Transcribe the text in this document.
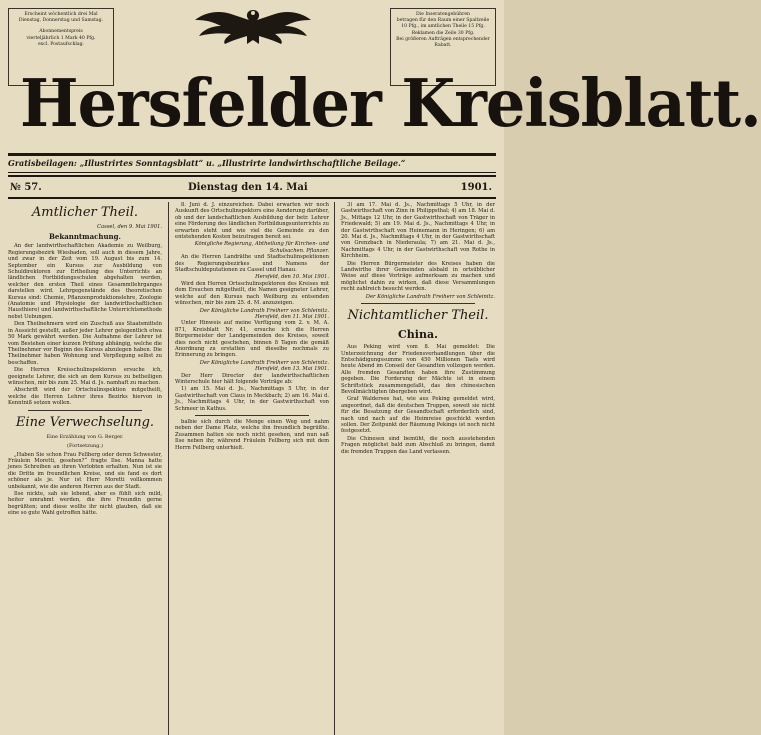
Erscheint wöchentlich drei Mal
Dienstag, Donnerstag und Samstag.
Abonnementspreis
vierteljährlich 1 Mark 40 Pfg.
excl. Postaufschlag.
Die Inseratengebühren
betragen für den Raum einer Spaltzeile
10 Pfg., im amtlichen Theile 15 Pfg.
Reklamen die Zeile 30 Pfg.
Bei größeren Aufträgen entsprechender
Rabatt.
Hersfelder Kreisblatt.
Gratisbeilagen: „Illustrirtes Sonntagsblatt“ u. „Illustrirte landwirthschaftliche Beilage.“
№ 57.	Dienstag den 14. Mai	1901.
Amtlicher Theil.
Cassel, den 9. Mai 1901.
Bekanntmachung.

An der landwirthschaftlichen Akademie zu Weilburg, Regierungsbezirk Wiesbaden, soll auch in diesem Jahre, und zwar in der Zeit vom 19. August bis zum 14. September ein Kursus zur Ausbildung von Schuldirektoren zur Ertheilung des Unterrichts an ländlichen Fortbildungsschulen abgehalten werden, welcher den ersten Theil eines Gesammtlehrganges darstellen wird. Lehrgegenstände des theoretischen Kursus sind: Chemie, Pflanzenproduktionslehre, Zoologie (Anatomie und Physiologie der landwirthschaftlichen Hausthiere) und landwirthschaftliche Unterrichtsmethode nebst Uebungen.

Den Theilnehmern wird ein Zuschuß aus Staatsmitteln in Aussicht gestellt, außer jeder Lehrer gelegentlich etwa 50 Mark gewährt werden. Die Aufnahme der Lehrer ist vom Bestehen einer kurzen Prüfung abhängig, welche die Theilnehmer vor Beginn des Kursus abzulegen haben. Die Theilnehmer haben Wohnung und Verpflegung selbst zu beschaffen.

Die Herren Kreisschulinspektoren ersuche ich, geeignete Lehrer, die sich an dem Kursus zu betheiligen wünschen, mir bis zum 25. Mai d. Js. namhaft zu machen.

Abschrift wird der Ortschulinspektion mitgetheilt, welche die Herren Lehrer ihres Bezirks hiervon in Kenntniß setzen wollen.

Eine Verwechselung.
Eine Erzählung von G. Berger.
(Fortsetzung.)

„Haben Sie schon Frau Fellberg oder deren Schwester, Fräulein Moretti, gesehen?“ fragte Ilse. Manna hatte jenes Schreiben an ihren Verlobten erhalten. Nun ist sie die Dritte im freundlichen Kreise, und sie fand es dort schöner als je. Nur ist Herr Moretti vollkommen unbekannt, wie die anderen Herren aus der Stadt.

Ilse nickte, sah sie lebend, aber es fühlt sich mild, heiter umrahmt werden, die ihre Freundin gerne begrüßten; und diese wollte ihr nicht glauben, daß sie eine so gute Wahl getroffen hätte.

8. Juni d. J. einzureichen. Dabei erwarten wir noch Auskunft des Ortschulinspektors eine Aenderung darüber, ob und der landschaftlichen Ausbildung der betr. Lehrer eine Förderung des ländlichen Fortbildungsunterrichts zu erwarten steht und wie viel die Gemeinde zu den entstehenden Kosten beizutragen bereit sei.

Königliche Regierung, Abtheilung für Kirchen- und Schulsachen. Pflanzer.

An die Herren Landräthe und Stadtschulinspektionen des Regierungsbezirkes und Namens der Stadtschuldeputationen zu Cassel und Hanau.

Hersfeld, den 10. Mai 1901.

Wird den Herren Ortsschulinspektoren des Kreises mit dem Ersuchen mitgetheilt, die Namen geeigneter Lehrer, welche auf den Kursus nach Weilburg zu entsenden wünschen, mir bis zum 25. d. M. anzuzeigen.

Der Königliche Landrath Freiherr von Schleinitz.
Hersfeld, den 11. Mai 1901.

Unter Hinweis auf meine Verfügung vom 2. v. M. A. 871, Kreisblatt Nr. 41, ersuche ich die Herren Bürgermeister der Landgemeinden des Kreises, soweit dies noch nicht geschehen, binnen 8 Tagen die gemäß Anordnung zu erstatten und dieselbe nochmals zu Erinnerung zu bringen.

Der Königliche Landrath Freiherr von Schleinitz.
Hersfeld, den 13. Mai 1901.

Der Herr Director der landwirthschaftlichen Winterschule hier hält folgende Vorträge ab:

1) am 15. Mai d. Js., Nachmittags 5 Uhr, in der Gastwirthschaft von Claus in Meckbach; 2) am 16. Mai d. Js., Nachmittags 4 Uhr, in der Gastwirthschaft von Schmeer in Kathus.

balbie sich durch die Menge einen Weg und nahm neben der Dame Platz, welche ihn freundlich begrüßte. Zusammen hatten sie noch nicht gesehen, und nun saß Ilse neben ihr, während Fräulein Fellberg sich mit dem Herrn Fellberg unterhielt.

3) am 17. Mai d. Js., Nachmittags 5 Uhr, in der Gastwirthschaft von Zinn in Philippsthal; 4) am 18. Mai d. Js., Mittags 12 Uhr, in der Gastwirthschaft von Träger in Friedewald; 5) am 19. Mai d. Js., Nachmittags 4 Uhr, in der Gastwirthschaft von Heinemann in Heringen; 6) am 20. Mai d. Js., Nachmittags 4 Uhr, in der Gastwirthschaft von Grenzbach in Niederaula; 7) am 21. Mai d. Js., Nachmittags 4 Uhr, in der Gastwirthschaft von Rothe in Kirchheim.

Die Herren Bürgermeister des Kreises haben die Landwirthe ihrer Gemeinden alsbald in ortsüblicher Weise auf diese Vorträge aufmerksam zu machen und möglichst dahin zu wirken, daß diese Versammlungen recht zahlreich besucht werden.

Der Königliche Landrath Freiherr von Schleinitz.
Nichtamtlicher Theil.
China.

Aus Peking wird vom 8. Mai gemeldet: Die Unterzeichnung der Friedensverhandlungen über die Entschädigungssumme von 450 Millionen Taels wird heute Abend im Conseil der Gesandten vollzogen werden. Alle fremden Gesandten haben ihre Zustimmung gegeben. Die Forderung der Mächte ist in einem Schriftstück zusammengefaßt, das den chinesischen Bevollmächtigten übergeben wird.

Graf Waldersee hat, wie aus Peking gemeldet wird, angeordnet, daß die deutschen Truppen, soweit sie nicht für die Besatzung der Gesandtschaft erforderlich sind, nach und nach auf die Heimreise geschickt werden sollen. Der Zeitpunkt der Räumung Pekings ist noch nicht festgesetzt.

Die Chinesen sind bemüht, die noch ausstehenden Fragen möglichst bald zum Abschluß zu bringen, damit die fremden Truppen das Land verlassen.
